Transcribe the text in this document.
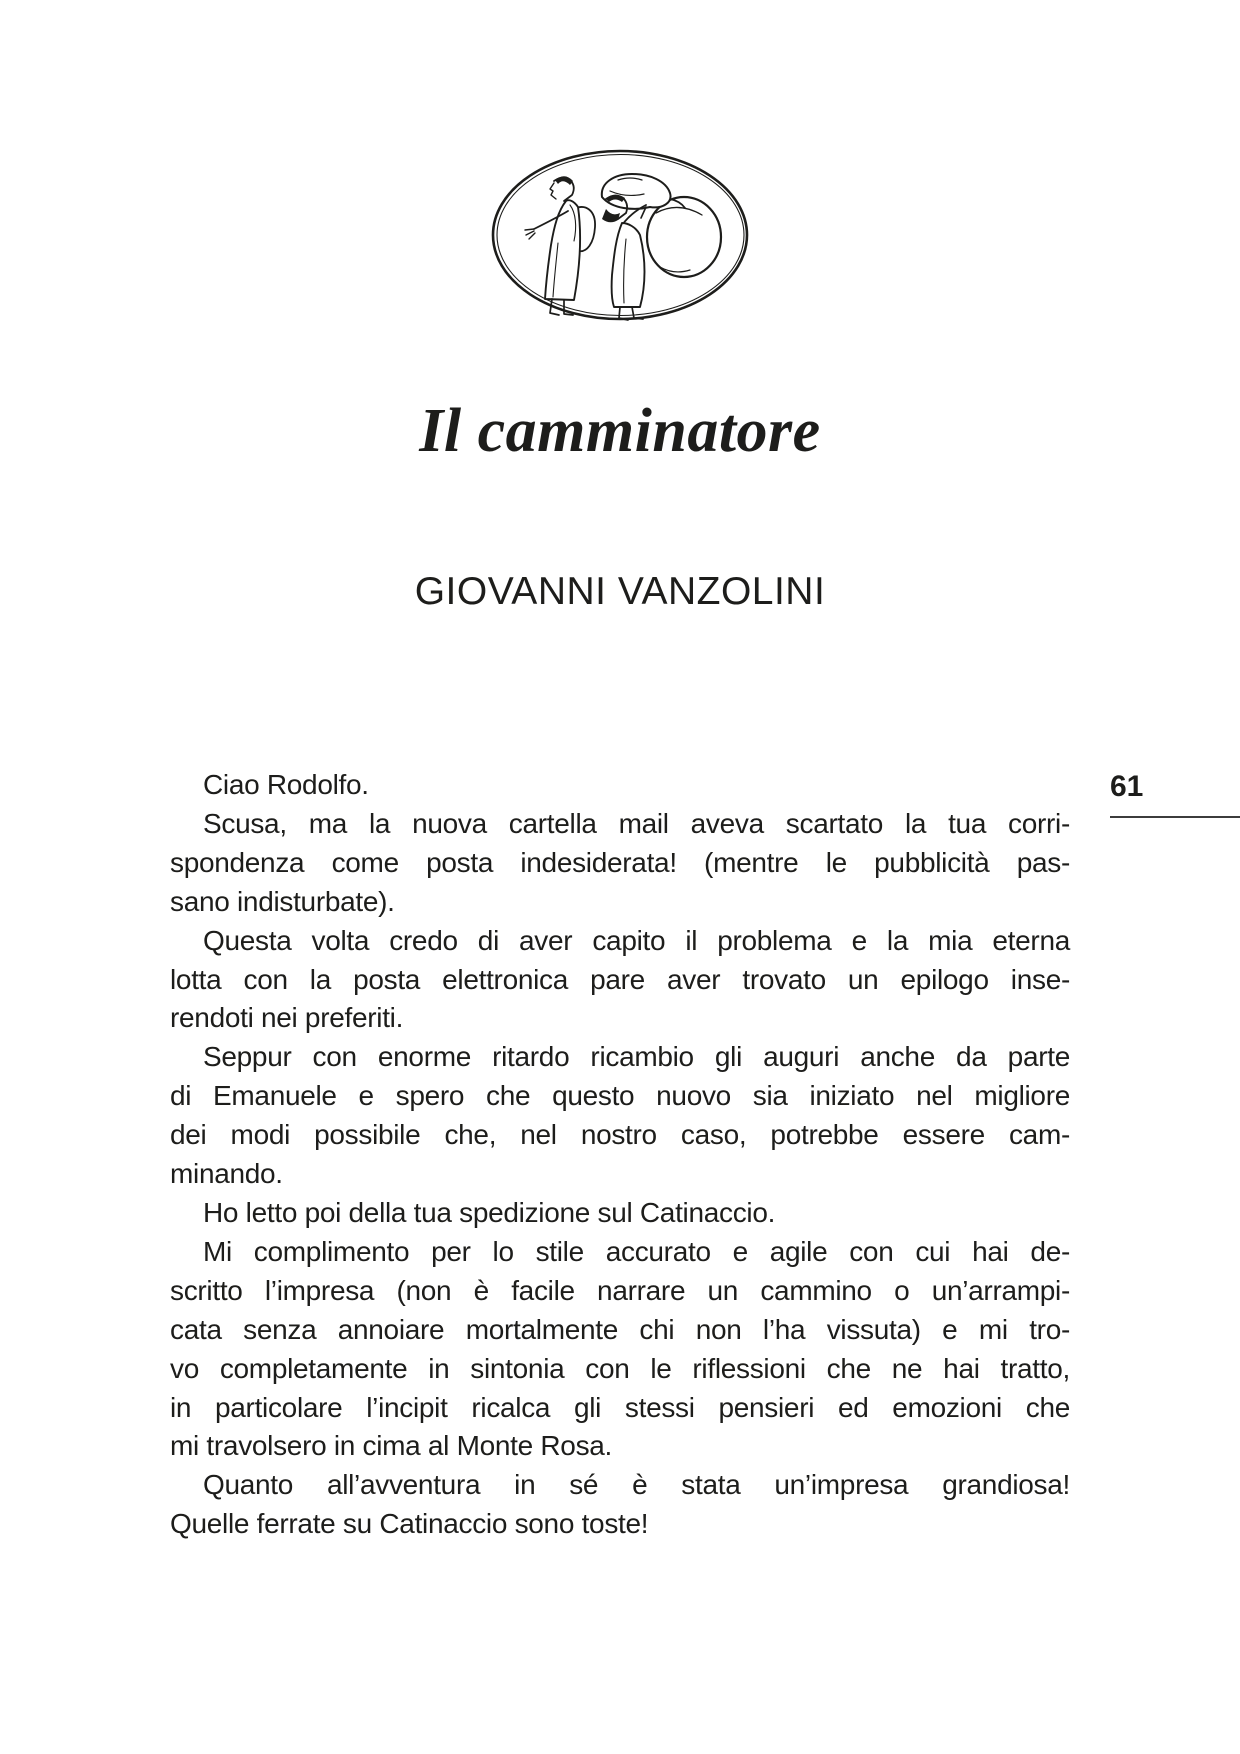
Il camminatore
GIOVANNI VANZOLINI
61
Ciao Rodolfo.
Scusa, ma la nuova cartella mail aveva scartato la tua corri-
spondenza come posta indesiderata! (mentre le pubblicità pas-
sano indisturbate).
Questa volta credo di aver capito il problema e la mia eterna
lotta con la posta elettronica pare aver trovato un epilogo inse-
rendoti nei preferiti.
Seppur con enorme ritardo ricambio gli auguri anche da parte
di Emanuele e spero che questo nuovo sia iniziato nel migliore
dei modi possibile che, nel nostro caso, potrebbe essere cam-
minando.
Ho letto poi della tua spedizione sul Catinaccio.
Mi complimento per lo stile accurato e agile con cui hai de-
scritto l’impresa (non è facile narrare un cammino o un’arrampi-
cata senza annoiare mortalmente chi non l’ha vissuta) e mi tro-
vo completamente in sintonia con le riflessioni che ne hai tratto,
in particolare l’incipit ricalca gli stessi pensieri ed emozioni che
mi travolsero in cima al Monte Rosa.
Quanto all’avventura in sé è stata un’impresa grandiosa!
Quelle ferrate su Catinaccio sono toste!
